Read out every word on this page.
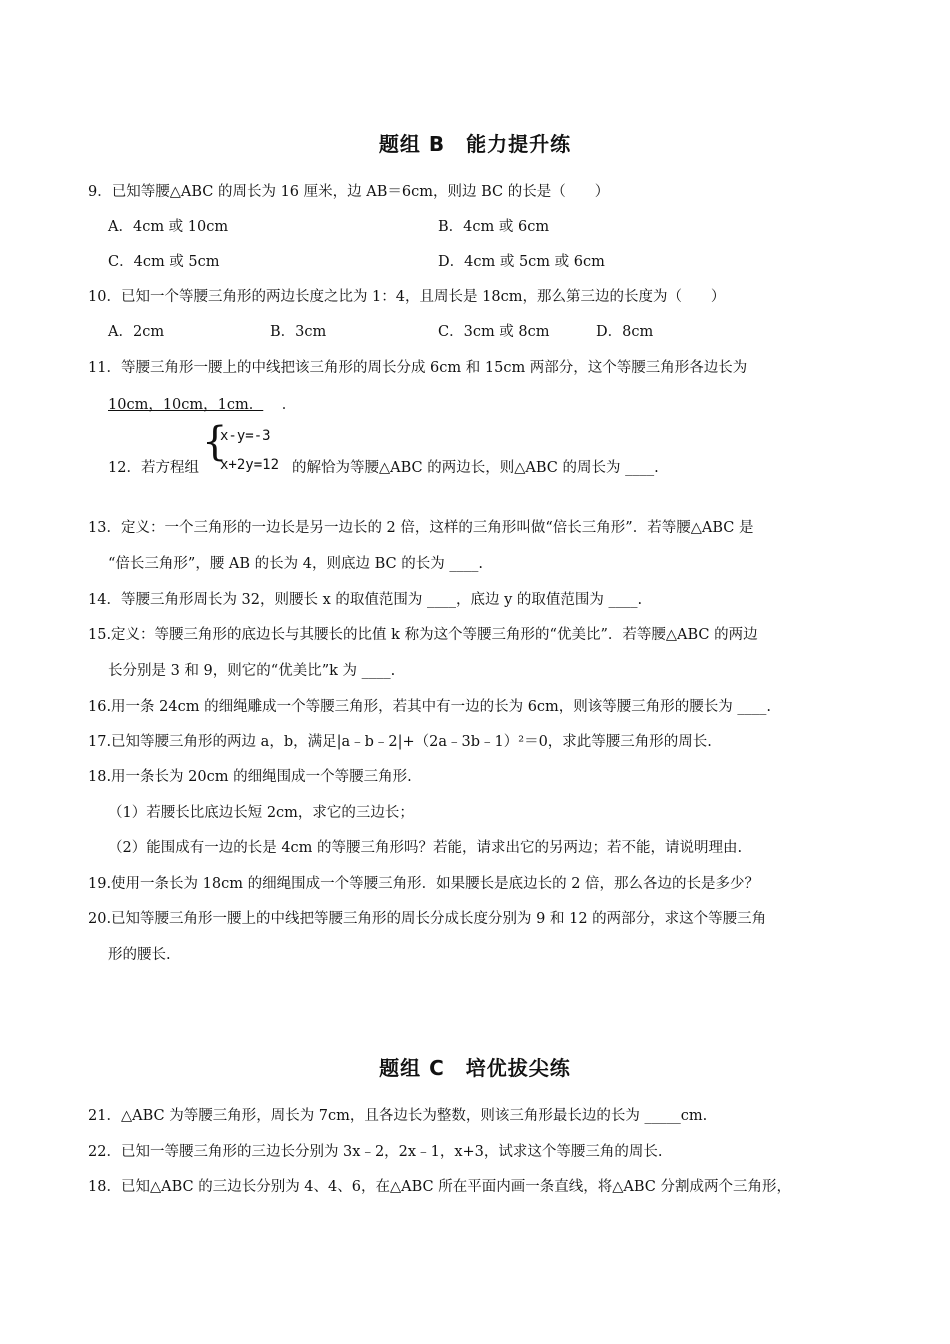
题组 B　能力提升练
9．已知等腰△ABC 的周长为 16 厘米，边 AB＝6cm，则边 BC 的长是（　　）
A．4cm 或 10cm	B．4cm 或 6cm
C．4cm 或 5cm	D．4cm 或 5cm 或 6cm
10．已知一个等腰三角形的两边长度之比为 1：4，且周长是 18cm，那么第三边的长度为（　　）
A．2cm	B．3cm	C．3cm 或 8cm	D．8cm
11．等腰三角形一腰上的中线把该三角形的周长分成 6cm 和 15cm 两部分，这个等腰三角形各边长为
10cm，10cm，1cm． ．
12．若方程组
{
x-y=-3
x+2y=12 的解恰为等腰△ABC 的两边长，则△ABC 的周长为 ____.
13．定义：一个三角形的一边长是另一边长的 2 倍，这样的三角形叫做“倍长三角形”．若等腰△ABC 是
“倍长三角形”，腰 AB 的长为 4，则底边 BC 的长为 ____.
14．等腰三角形周长为 32，则腰长 x 的取值范围为 ____，底边 y 的取值范围为 ____.
15.定义：等腰三角形的底边长与其腰长的比值 k 称为这个等腰三角形的“优美比”．若等腰△ABC 的两边
长分别是 3 和 9，则它的“优美比”k 为 ____.
16.用一条 24cm 的细绳雕成一个等腰三角形，若其中有一边的长为 6cm，则该等腰三角形的腰长为 ____.
17.已知等腰三角形的两边 a，b，满足|a﹣b﹣2|+（2a﹣3b﹣1）²＝0，求此等腰三角形的周长.
18.用一条长为 20cm 的细绳围成一个等腰三角形.
（1）若腰长比底边长短 2cm，求它的三边长；
（2）能围成有一边的长是 4cm 的等腰三角形吗？若能，请求出它的另两边；若不能，请说明理由.
19.使用一条长为 18cm 的细绳围成一个等腰三角形．如果腰长是底边长的 2 倍，那么各边的长是多少？
20.已知等腰三角形一腰上的中线把等腰三角形的周长分成长度分别为 9 和 12 的两部分，求这个等腰三角
形的腰长.
题组 C　培优拔尖练
21．△ABC 为等腰三角形，周长为 7cm，且各边长为整数，则该三角形最长边的长为 _____cm.
22．已知一等腰三角形的三边长分别为 3x﹣2，2x﹣1，x+3，试求这个等腰三角的周长.
18．已知△ABC 的三边长分别为 4、4、6，在△ABC 所在平面内画一条直线，将△ABC 分割成两个三角形，
